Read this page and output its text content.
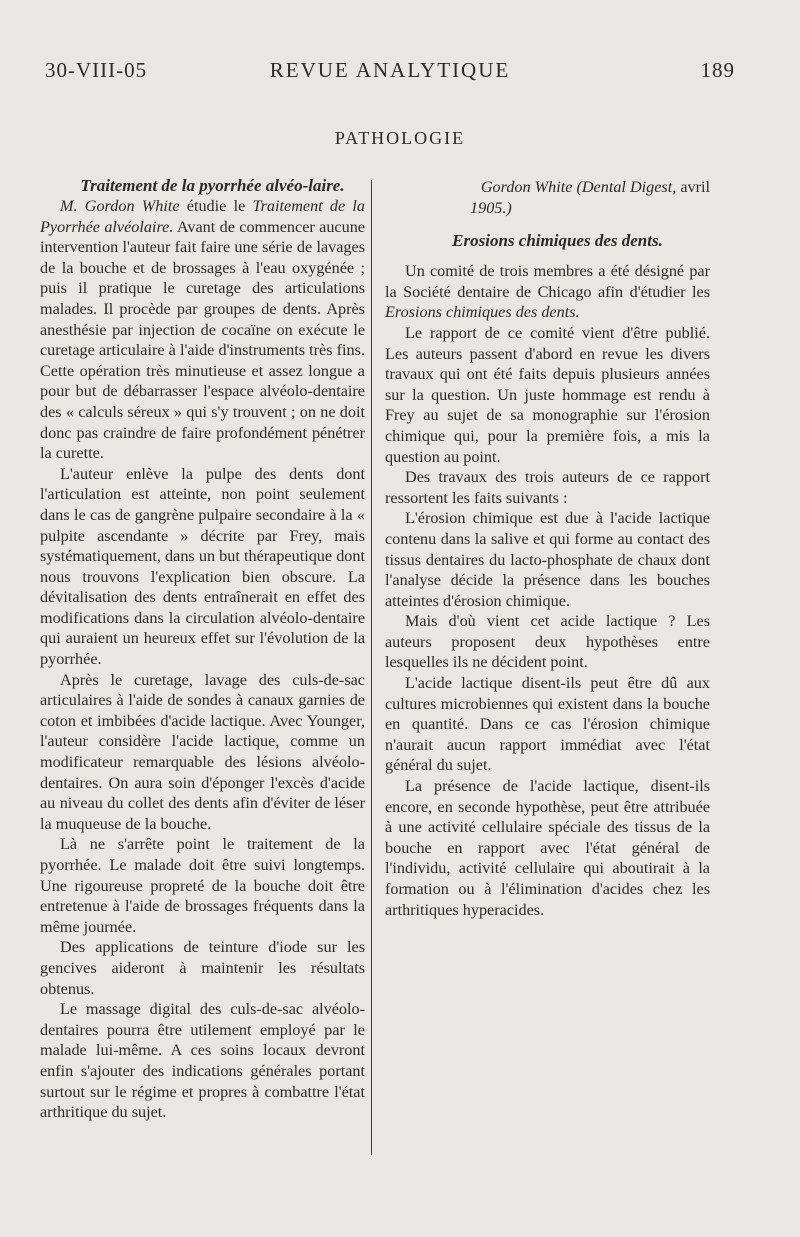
30-VIII-05	REVUE ANALYTIQUE	189
PATHOLOGIE

Traitement de la pyorrhée alvéo-laire.

M. Gordon White étudie le Traitement de la Pyorrhée alvéolaire. Avant de commencer aucune intervention l'auteur fait faire une série de lavages de la bouche et de brossages à l'eau oxygénée ; puis il pratique le curetage des articulations malades. Il procède par groupes de dents. Après anesthésie par injection de cocaïne on exécute le curetage articulaire à l'aide d'instruments très fins. Cette opération très minutieuse et assez longue a pour but de débarrasser l'espace alvéolo-dentaire des « calculs séreux » qui s'y trouvent ; on ne doit donc pas craindre de faire profondément pénétrer la curette.

L'auteur enlève la pulpe des dents dont l'articulation est atteinte, non point seulement dans le cas de gangrène pulpaire secondaire à la « pulpite ascendante » décrite par Frey, mais systématiquement, dans un but thérapeutique dont nous trouvons l'explication bien obscure. La dévitalisation des dents entraînerait en effet des modifications dans la circulation alvéolo-dentaire qui auraient un heureux effet sur l'évolution de la pyorrhée.

Après le curetage, lavage des culs-de-sac articulaires à l'aide de sondes à canaux garnies de coton et imbibées d'acide lactique. Avec Younger, l'auteur considère l'acide lactique, comme un modificateur remarquable des lésions alvéolo-dentaires. On aura soin d'éponger l'excès d'acide au niveau du collet des dents afin d'éviter de léser la muqueuse de la bouche.

Là ne s'arrête point le traitement de la pyorrhée. Le malade doit être suivi longtemps. Une rigoureuse propreté de la bouche doit être entretenue à l'aide de brossages fréquents dans la même journée.

Des applications de teinture d'iode sur les gencives aideront à maintenir les résultats obtenus.

Le massage digital des culs-de-sac alvéolo-dentaires pourra être utilement employé par le malade lui-même. A ces soins locaux devront enfin s'ajouter des indications générales portant surtout sur le régime et propres à combattre l'état arthritique du sujet.

Gordon White (Dental Digest, avril

1905.)

Erosions chimiques des dents.

Un comité de trois membres a été désigné par la Société dentaire de Chicago afin d'étudier les Erosions chimiques des dents.

Le rapport de ce comité vient d'être publié. Les auteurs passent d'abord en revue les divers travaux qui ont été faits depuis plusieurs années sur la question. Un juste hommage est rendu à Frey au sujet de sa monographie sur l'érosion chimique qui, pour la première fois, a mis la question au point.

Des travaux des trois auteurs de ce rapport ressortent les faits suivants :

L'érosion chimique est due à l'acide lactique contenu dans la salive et qui forme au contact des tissus dentaires du lacto-phosphate de chaux dont l'analyse décide la présence dans les bouches atteintes d'érosion chimique.

Mais d'où vient cet acide lactique ? Les auteurs proposent deux hypothèses entre lesquelles ils ne décident point.

L'acide lactique disent-ils peut être dû aux cultures microbiennes qui existent dans la bouche en quantité. Dans ce cas l'érosion chimique n'aurait aucun rapport immédiat avec l'état général du sujet.

La présence de l'acide lactique, disent-ils encore, en seconde hypothèse, peut être attribuée à une activité cellulaire spéciale des tissus de la bouche en rapport avec l'état général de l'individu, activité cellulaire qui aboutirait à la formation ou à l'élimination d'acides chez les arthritiques hyperacides.
